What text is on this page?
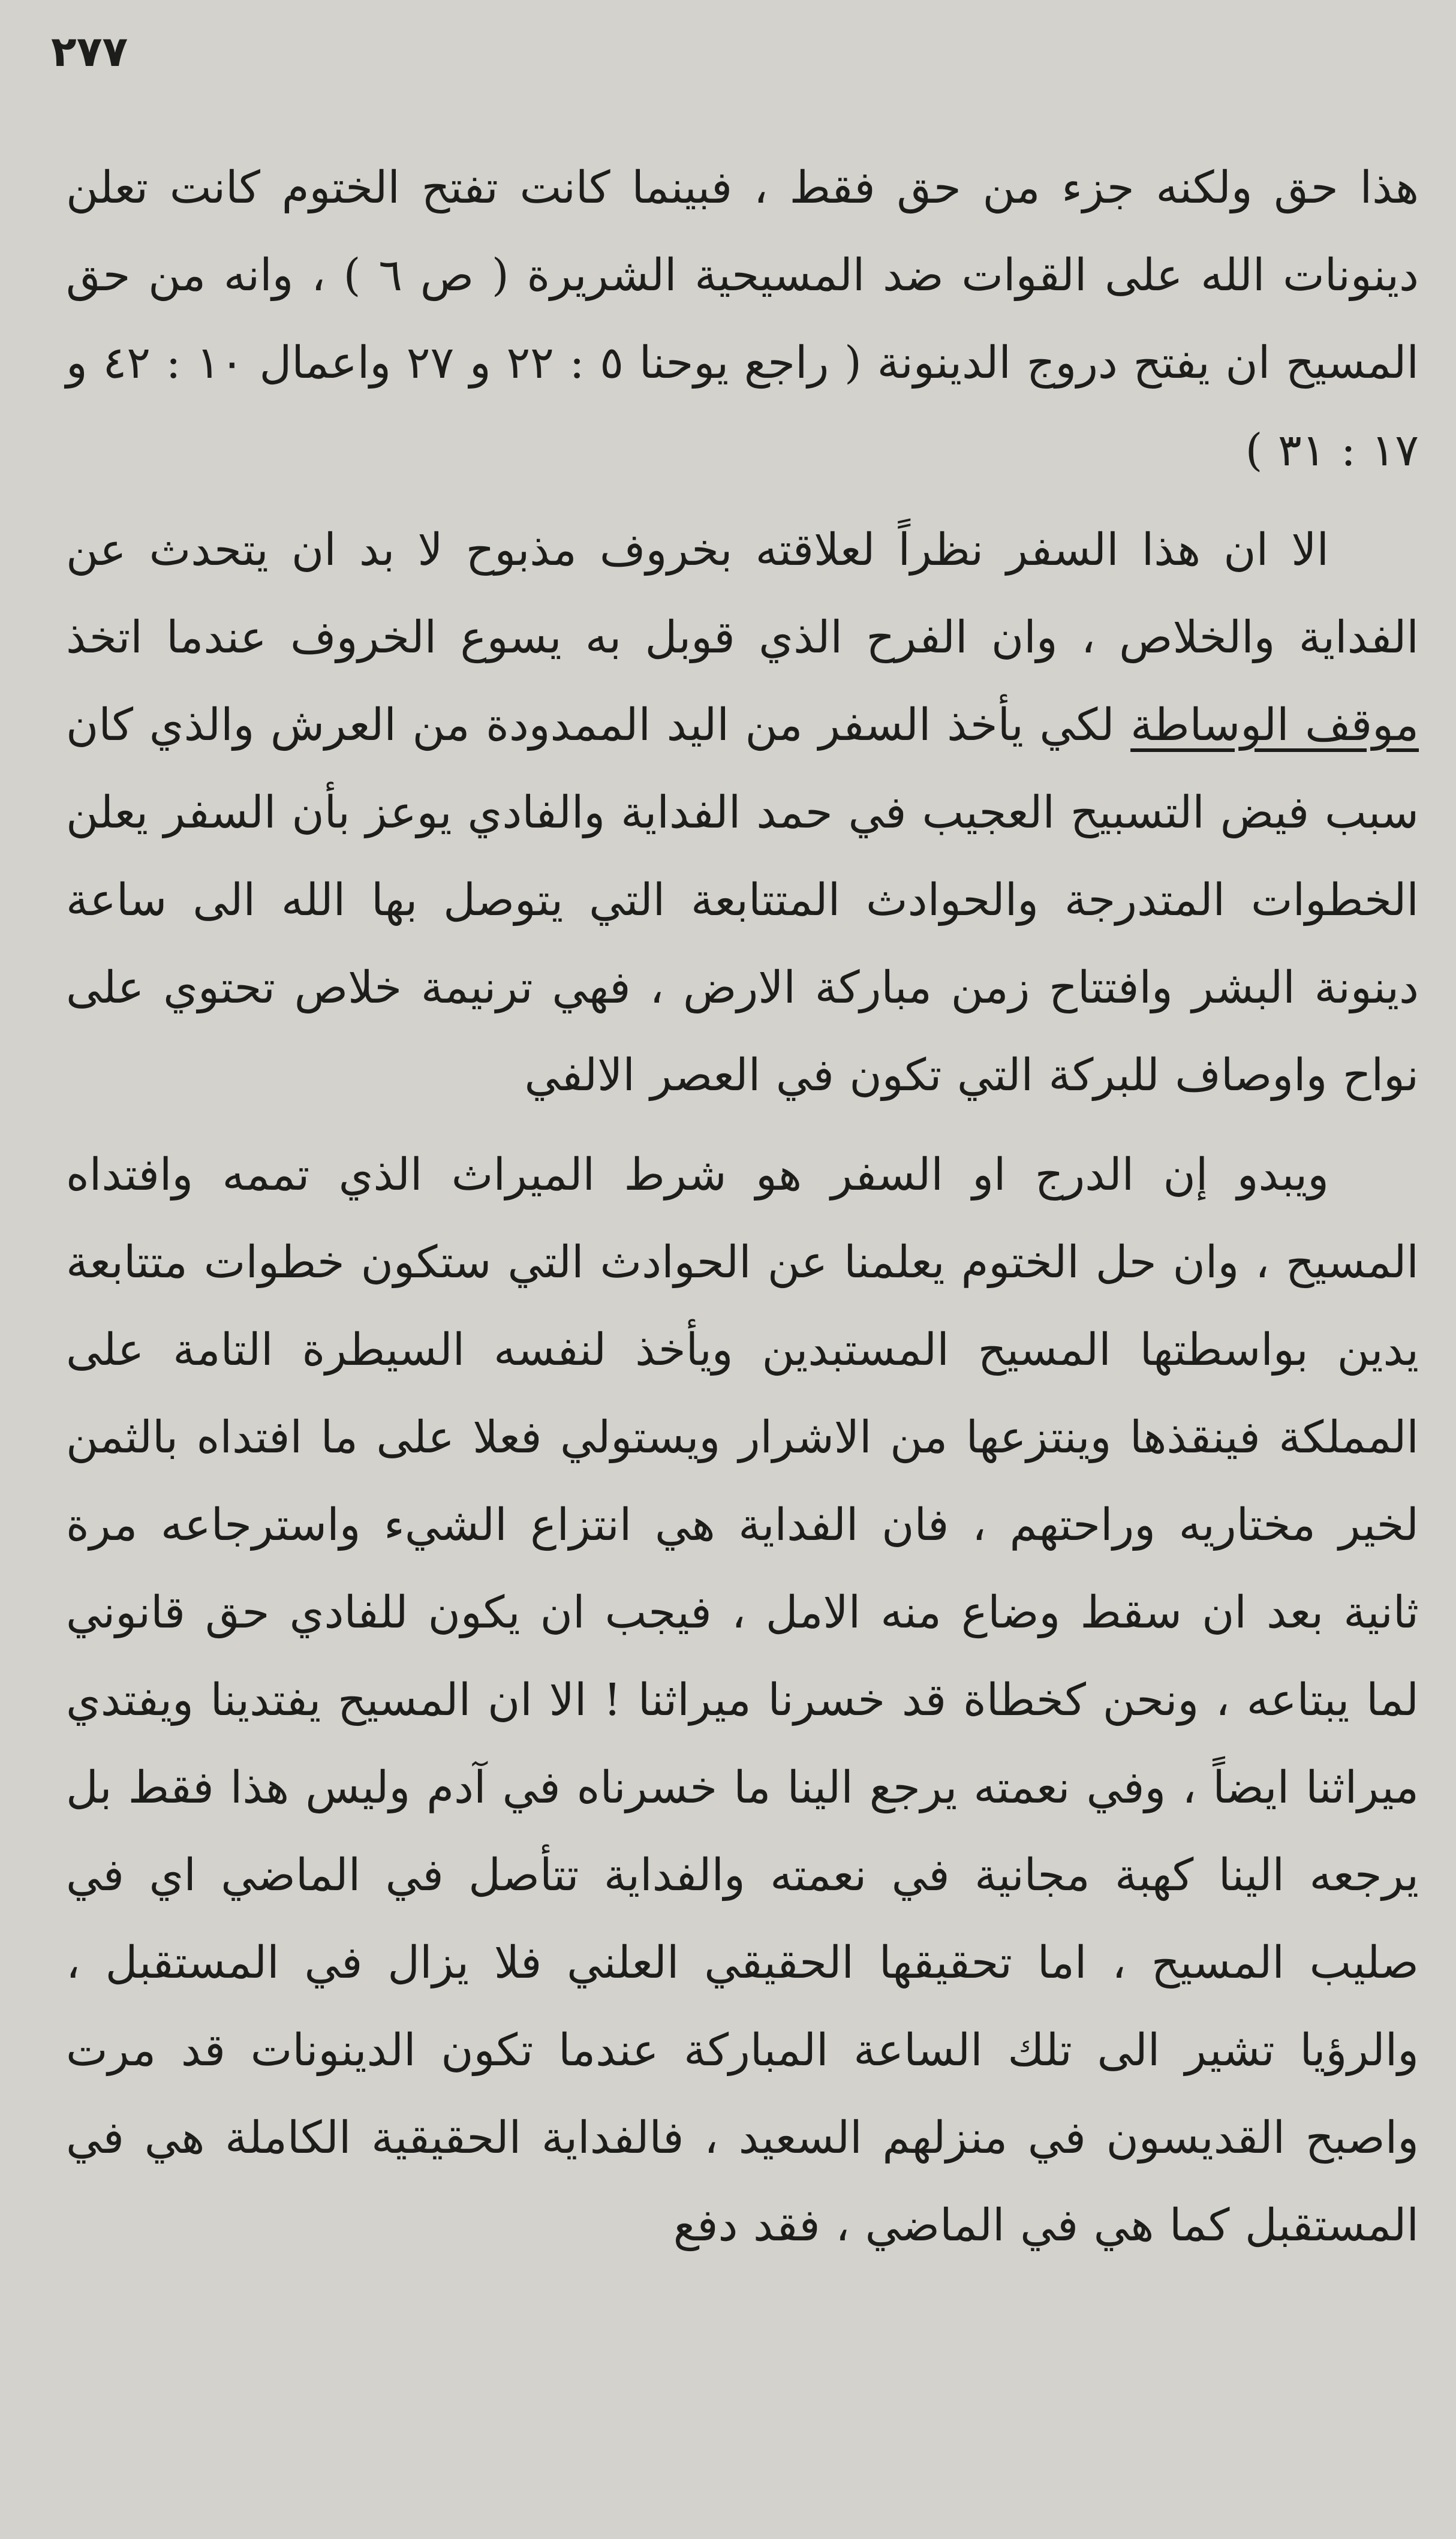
٢٧٧

هذا حق ولكنه جزء من حق فقط ، فبينما كانت تفتح الختوم كانت تعلن دينونات الله على القوات ضد المسيحية الشريرة ( ص ٦ ) ، وانه من حق المسيح ان يفتح دروج الدينونة ( راجع يوحنا ٥ : ٢٢ و ٢٧ واعمال ١٠ : ٤٢ و ١٧ : ٣١ )

الا ان هذا السفر نظراً لعلاقته بخروف مذبوح لا بد ان يتحدث عن الفداية والخلاص ، وان الفرح الذي قوبل به يسوع الخروف عندما اتخذ موقف الوساطة لكي يأخذ السفر من اليد الممدودة من العرش والذي كان سبب فيض التسبيح العجيب في حمد الفداية والفادي يوعز بأن السفر يعلن الخطوات المتدرجة والحوادث المتتابعة التي يتوصل بها الله الى ساعة دينونة البشر وافتتاح زمن مباركة الارض ، فهي ترنيمة خلاص تحتوي على نواح واوصاف للبركة التي تكون في العصر الالفي

ويبدو إن الدرج او السفر هو شرط الميراث الذي تممه وافتداه المسيح ، وان حل الختوم يعلمنا عن الحوادث التي ستكون خطوات متتابعة يدين بواسطتها المسيح المستبدين ويأخذ لنفسه السيطرة التامة على المملكة فينقذها وينتزعها من الاشرار ويستولي فعلا على ما افتداه بالثمن لخير مختاريه وراحتهم ، فان الفداية هي انتزاع الشيء واسترجاعه مرة ثانية بعد ان سقط وضاع منه الامل ، فيجب ان يكون للفادي حق قانوني لما يبتاعه ، ونحن كخطاة قد خسرنا ميراثنا ! الا ان المسيح يفتدينا ويفتدي ميراثنا ايضاً ، وفي نعمته يرجع الينا ما خسرناه في آدم وليس هذا فقط بل يرجعه الينا كهبة مجانية في نعمته والفداية تتأصل في الماضي اي في صليب المسيح ، اما تحقيقها الحقيقي العلني فلا يزال في المستقبل ، والرؤيا تشير الى تلك الساعة المباركة عندما تكون الدينونات قد مرت واصبح القديسون في منزلهم السعيد ، فالفداية الحقيقية الكاملة هي في المستقبل كما هي في الماضي ، فقد دفع
